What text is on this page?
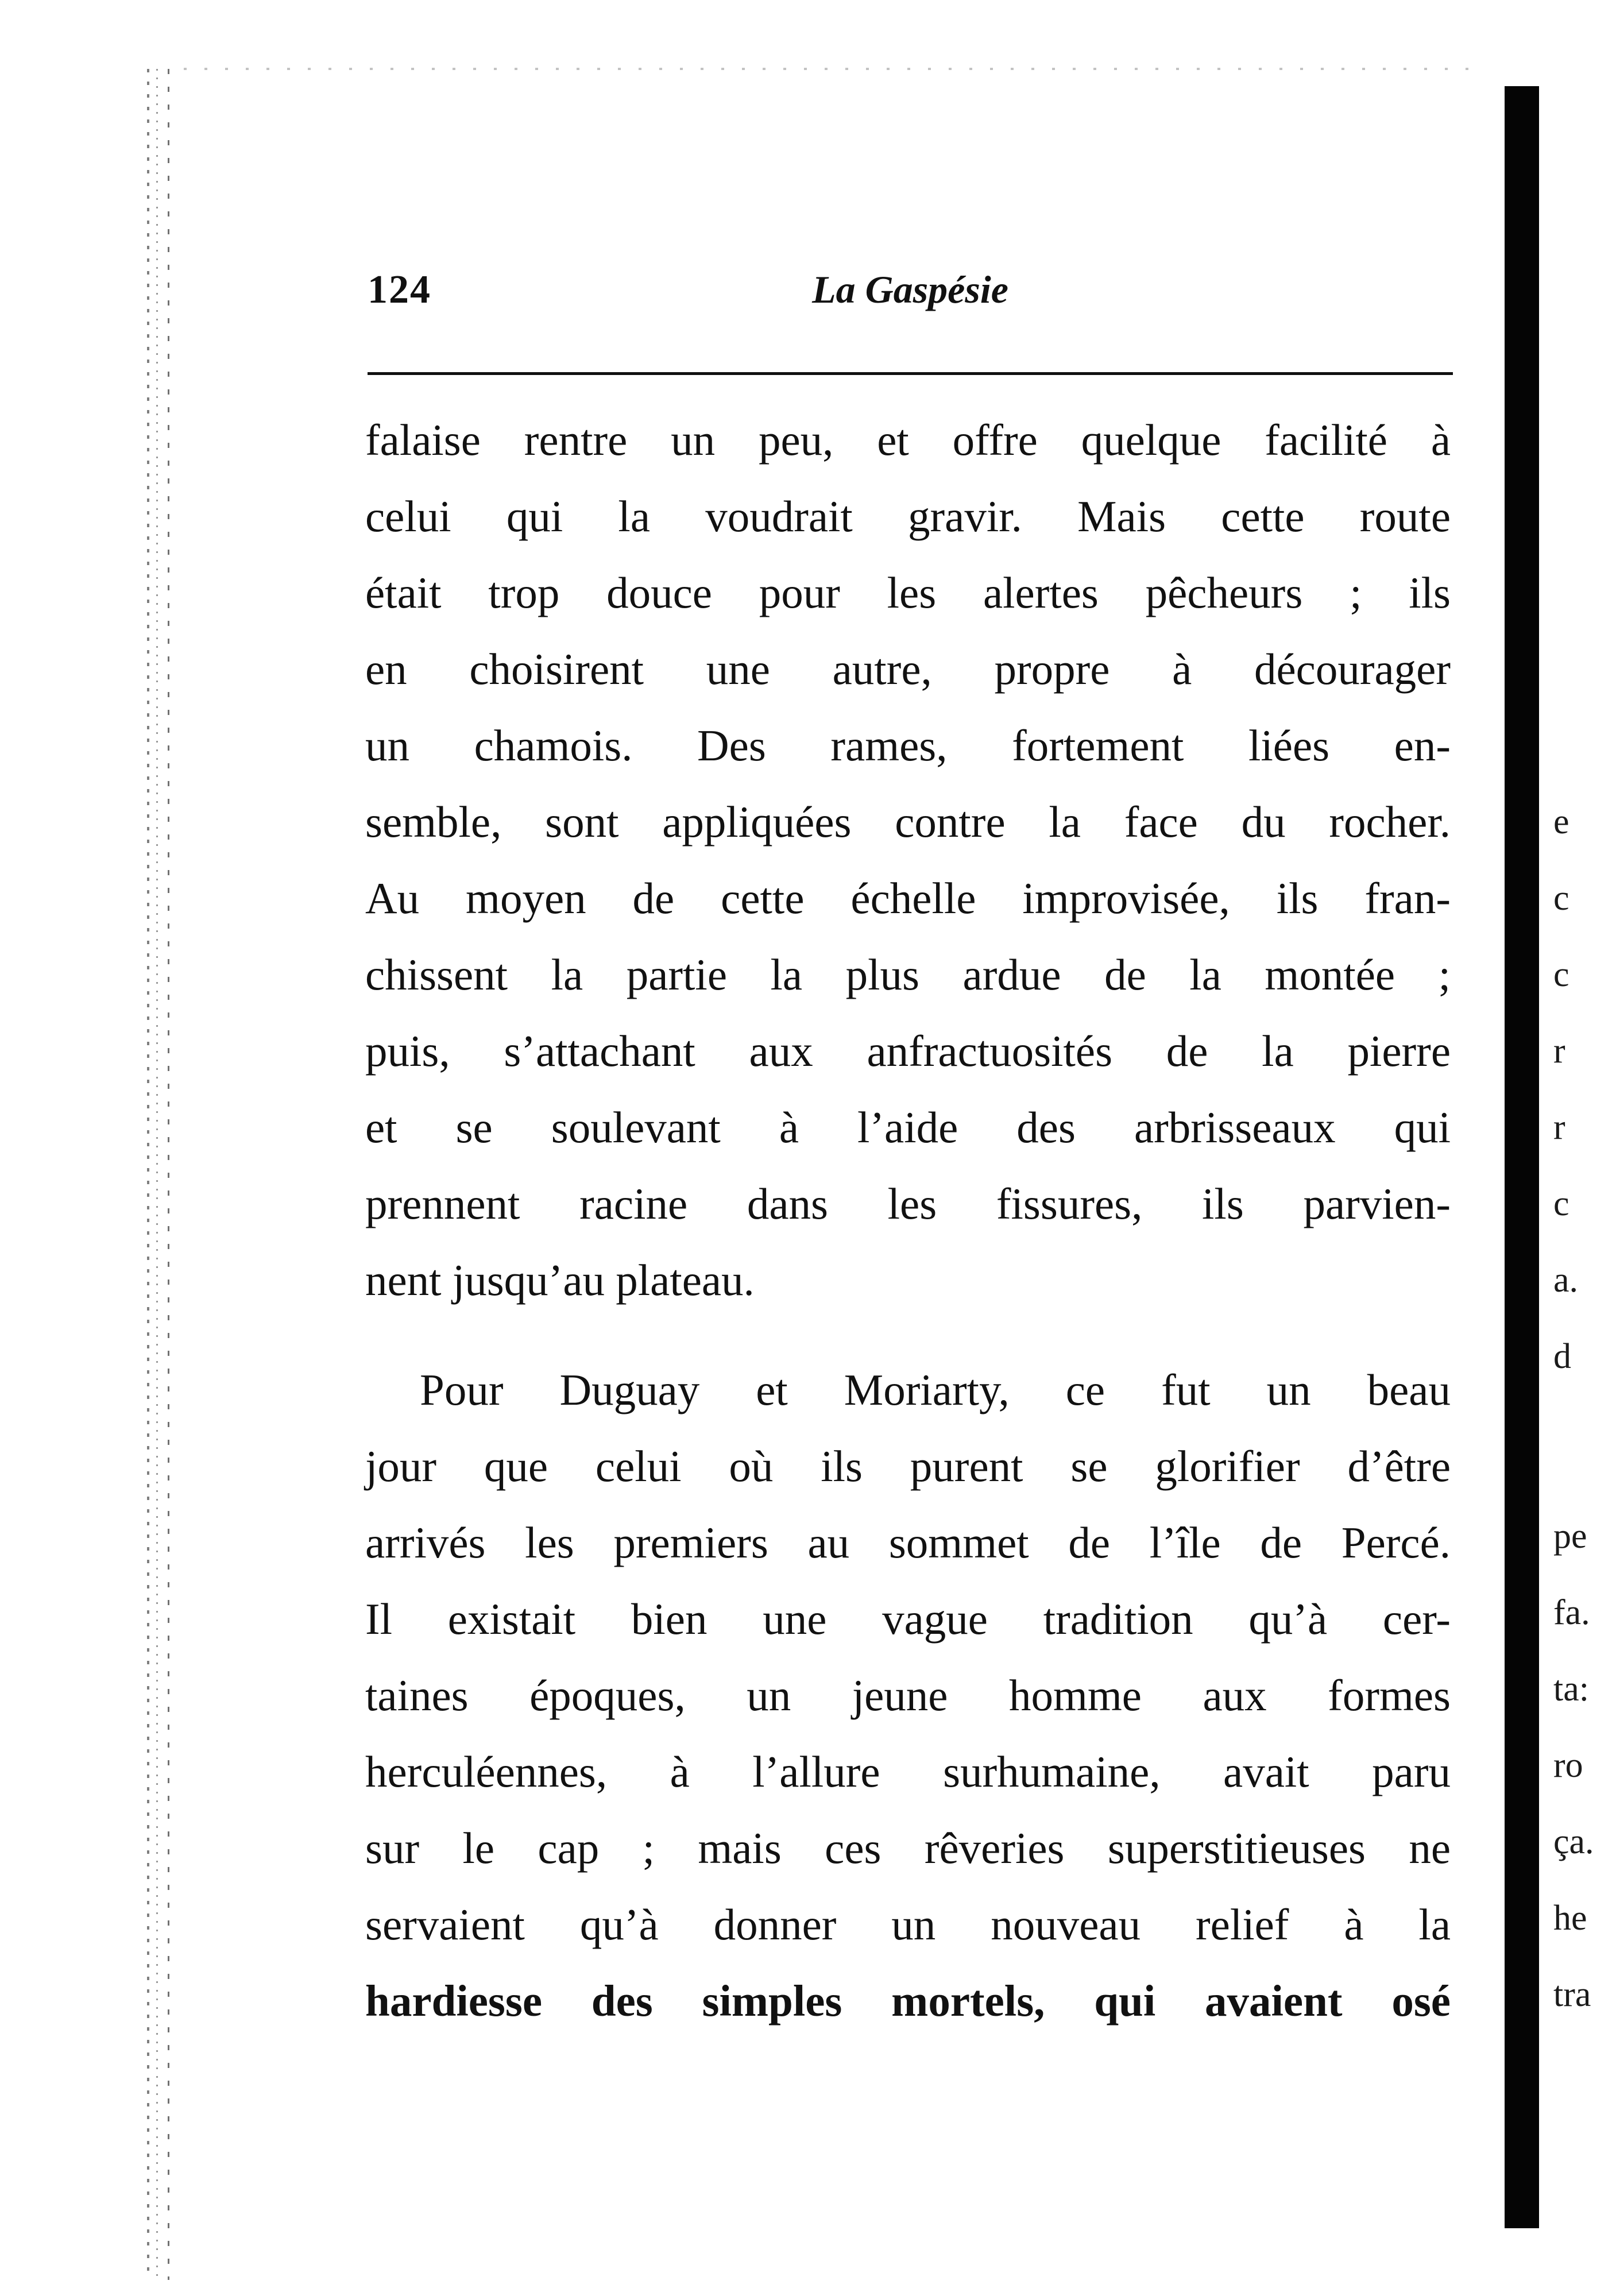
124	La Gaspésie
falaise rentre un peu, et offre quelque facilité à
celui qui la voudrait gravir. Mais cette route
était trop douce pour les alertes pêcheurs ; ils
en choisirent une autre, propre à décourager
un chamois. Des rames, fortement liées en-
semble, sont appliquées contre la face du rocher.
Au moyen de cette échelle improvisée, ils fran-
chissent la partie la plus ardue de la montée ;
puis, s’attachant aux anfractuosités de la pierre
et se soulevant à l’aide des arbrisseaux qui
prennent racine dans les fissures, ils parvien-
nent jusqu’au plateau.
Pour Duguay et Moriarty, ce fut un beau
jour que celui où ils purent se glorifier d’être
arrivés les premiers au sommet de l’île de Percé.
Il existait bien une vague tradition qu’à cer-
taines époques, un jeune homme aux formes
herculéennes, à l’allure surhumaine, avait paru
sur le cap ; mais ces rêveries superstitieuses ne
servaient qu’à donner un nouveau relief à la
hardiesse des simples mortels, qui avaient osé
e
c
c
r
r
c
a.
d
pe
fa.
ta:
ro
ça.
he
tra
